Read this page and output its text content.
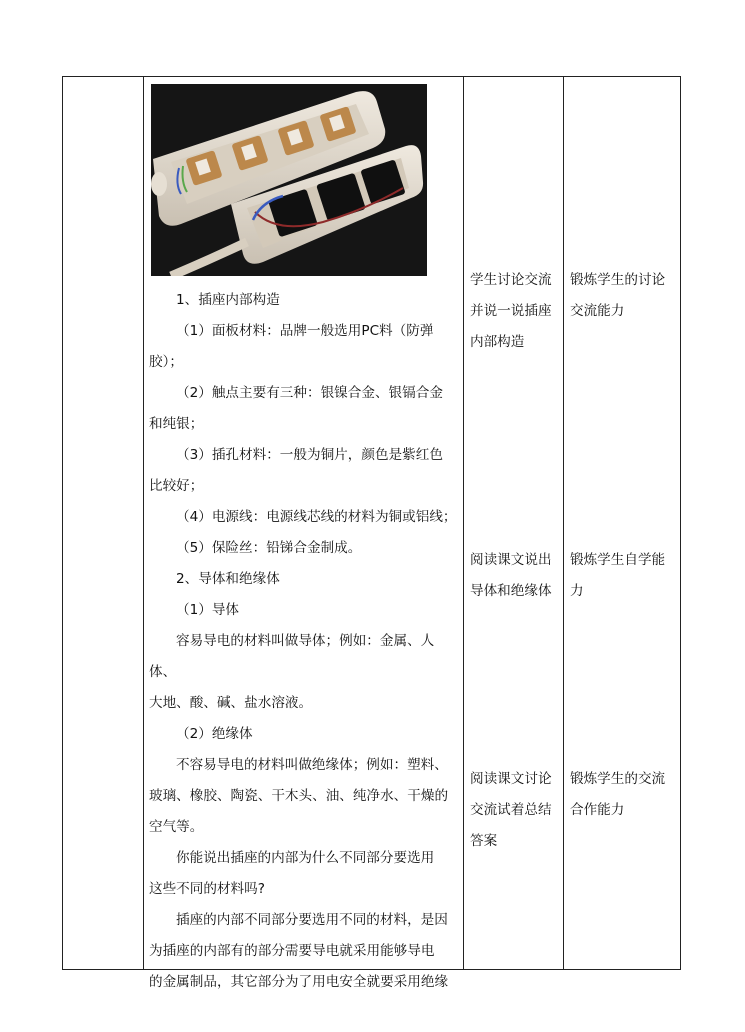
1、插座内部构造

（1）面板材料：品牌一般选用PC料（防弹

胶）；

（2）触点主要有三种：银镍合金、银镉合金

和纯银；

（3）插孔材料：一般为铜片，颜色是紫红色

比较好；

（4）电源线：电源线芯线的材料为铜或铝线；

（5）保险丝：铅锑合金制成。

2、导体和绝缘体

（1）导体

容易导电的材料叫做导体；例如：金属、人体、

大地、酸、碱、盐水溶液。

（2）绝缘体

不容易导电的材料叫做绝缘体；例如：塑料、

玻璃、橡胶、陶瓷、干木头、油、纯净水、干燥的

空气等。

你能说出插座的内部为什么不同部分要选用

这些不同的材料吗?

插座的内部不同部分要选用不同的材料，是因

为插座的内部有的部分需要导电就采用能够导电

的金属制品，其它部分为了用电安全就要采用绝缘

学生讨论交流
并说一说插座
内部构造
阅读课文说出
导体和绝缘体
阅读课文讨论
交流试着总结
答案
锻炼学生的讨论
交流能力
锻炼学生自学能
力
锻炼学生的交流
合作能力
